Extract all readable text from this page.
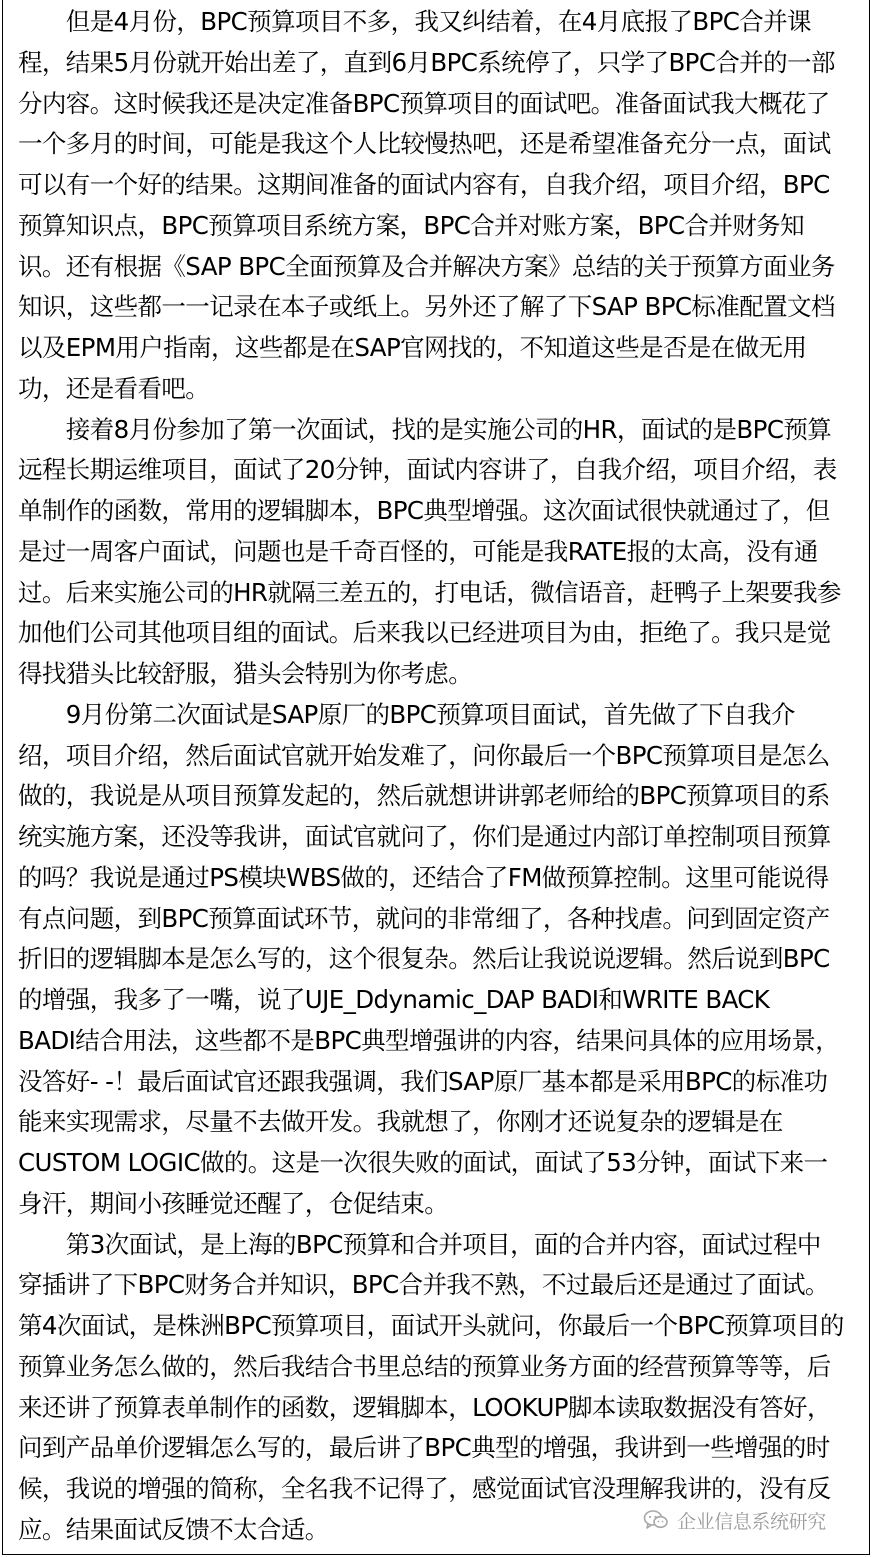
　　但是4月份，BPC预算项目不多，我又纠结着，在4月底报了BPC合并课
程，结果5月份就开始出差了，直到6月BPC系统停了，只学了BPC合并的一部
分内容。这时候我还是决定准备BPC预算项目的面试吧。准备面试我大概花了
一个多月的时间，可能是我这个人比较慢热吧，还是希望准备充分一点，面试
可以有一个好的结果。这期间准备的面试内容有，自我介绍，项目介绍，BPC
预算知识点，BPC预算项目系统方案，BPC合并对账方案，BPC合并财务知
识。还有根据《SAP BPC全面预算及合并解决方案》总结的关于预算方面业务
知识，这些都一一记录在本子或纸上。另外还了解了下SAP BPC标准配置文档
以及EPM用户指南，这些都是在SAP官网找的，不知道这些是否是在做无用
功，还是看看吧。
　　接着8月份参加了第一次面试，找的是实施公司的HR，面试的是BPC预算
远程长期运维项目，面试了20分钟，面试内容讲了，自我介绍，项目介绍，表
单制作的函数，常用的逻辑脚本，BPC典型增强。这次面试很快就通过了，但
是过一周客户面试，问题也是千奇百怪的，可能是我RATE报的太高，没有通
过。后来实施公司的HR就隔三差五的，打电话，微信语音，赶鸭子上架要我参
加他们公司其他项目组的面试。后来我以已经进项目为由，拒绝了。我只是觉
得找猎头比较舒服，猎头会特别为你考虑。
　　9月份第二次面试是SAP原厂的BPC预算项目面试，首先做了下自我介
绍，项目介绍，然后面试官就开始发难了，问你最后一个BPC预算项目是怎么
做的，我说是从项目预算发起的，然后就想讲讲郭老师给的BPC预算项目的系
统实施方案，还没等我讲，面试官就问了，你们是通过内部订单控制项目预算
的吗？我说是通过PS模块WBS做的，还结合了FM做预算控制。这里可能说得
有点问题，到BPC预算面试环节，就问的非常细了，各种找虐。问到固定资产
折旧的逻辑脚本是怎么写的，这个很复杂。然后让我说说逻辑。然后说到BPC
的增强，我多了一嘴，说了UJE_Ddynamic_DAP BADI和WRITE BACK
BADI结合用法，这些都不是BPC典型增强讲的内容，结果问具体的应用场景，
没答好- -！最后面试官还跟我强调，我们SAP原厂基本都是采用BPC的标准功
能来实现需求，尽量不去做开发。我就想了，你刚才还说复杂的逻辑是在
CUSTOM LOGIC做的。这是一次很失败的面试，面试了53分钟，面试下来一
身汗，期间小孩睡觉还醒了，仓促结束。
　　第3次面试，是上海的BPC预算和合并项目，面的合并内容，面试过程中
穿插讲了下BPC财务合并知识，BPC合并我不熟，不过最后还是通过了面试。
第4次面试，是株洲BPC预算项目，面试开头就问，你最后一个BPC预算项目的
预算业务怎么做的，然后我结合书里总结的预算业务方面的经营预算等等，后
来还讲了预算表单制作的函数，逻辑脚本，LOOKUP脚本读取数据没有答好，
问到产品单价逻辑怎么写的，最后讲了BPC典型的增强，我讲到一些增强的时
候，我说的增强的简称，全名我不记得了，感觉面试官没理解我讲的，没有反
应。结果面试反馈不太合适。	企业信息系统研究
